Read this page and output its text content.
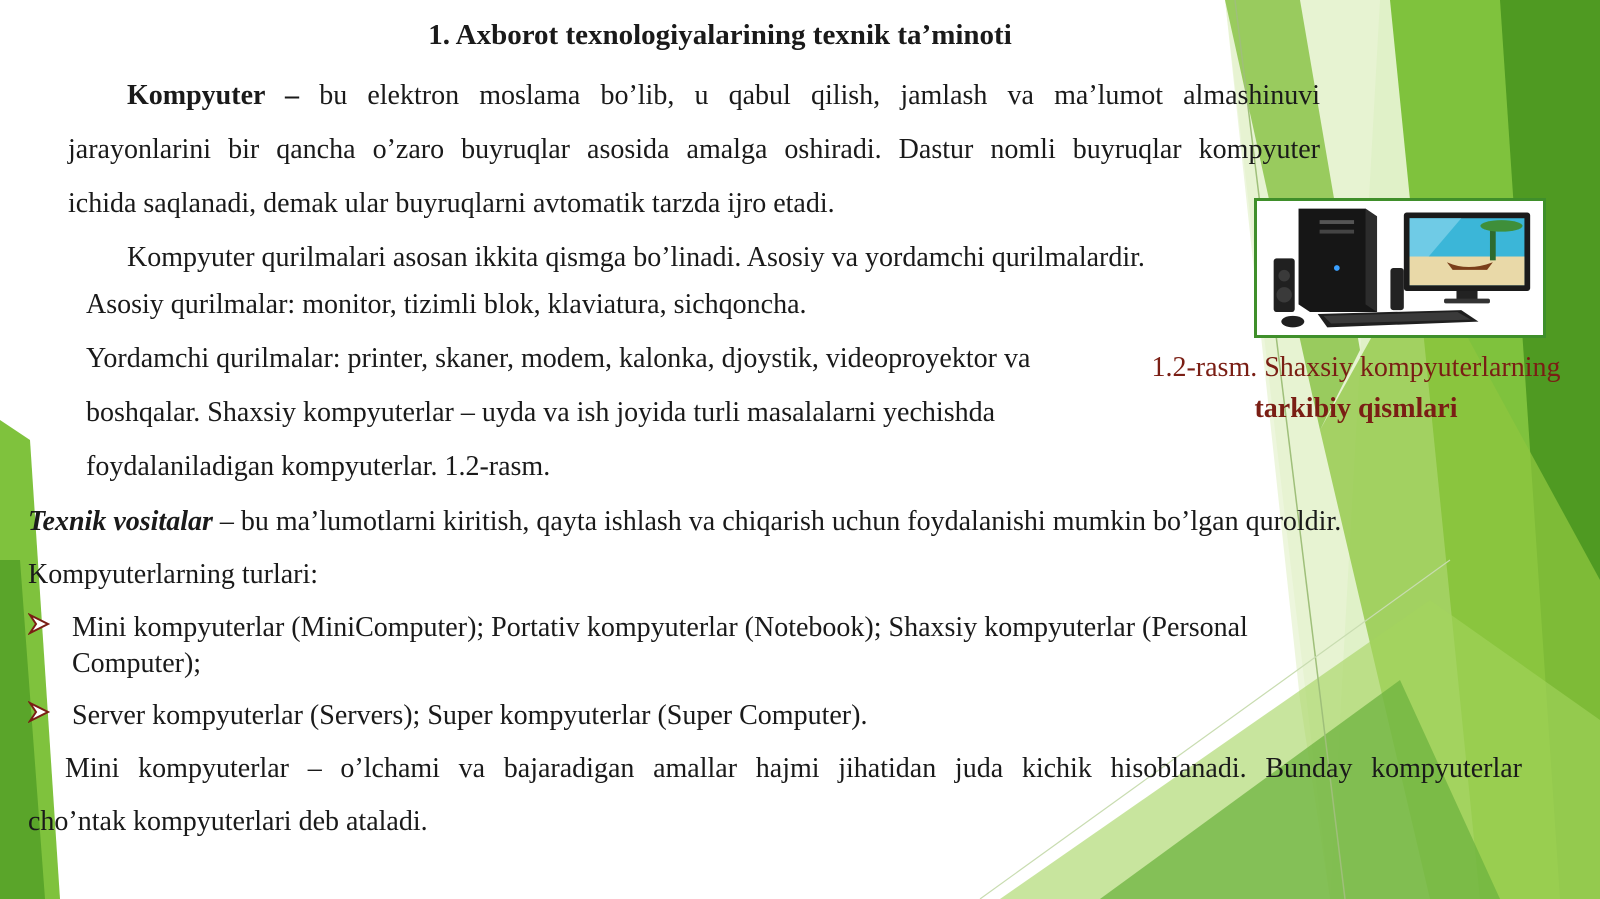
1. Axborot texnologiyalarining texnik ta’minoti
Kompyuter – bu elektron moslama bo’lib, u qabul qilish, jamlash va ma’lumot almashinuvi
jarayonlarini bir qancha o’zaro buyruqlar asosida amalga oshiradi. Dastur nomli buyruqlar kompyuter
ichida saqlanadi, demak ular buyruqlarni avtomatik tarzda ijro etadi.
Kompyuter qurilmalari asosan ikkita qismga bo’linadi. Asosiy va yordamchi qurilmalardir.
Asosiy qurilmalar: monitor, tizimli blok, klaviatura, sichqoncha.
Yordamchi qurilmalar: printer, skaner, modem, kalonka, djoystik, videoproyektor va
boshqalar. Shaxsiy kompyuterlar – uyda va ish joyida turli masalalarni yechishda
foydalaniladigan kompyuterlar. 1.2-rasm.
1.2-rasm. Shaxsiy kompyuterlarning
tarkibiy qismlari
Texnik vositalar – bu ma’lumotlarni kiritish, qayta ishlash va chiqarish uchun foydalanishi mumkin bo’lgan quroldir.
Kompyuterlarning turlari:
Mini kompyuterlar (MiniComputer); Portativ kompyuterlar (Notebook); Shaxsiy kompyuterlar (Personal
Computer);
Server kompyuterlar (Servers); Super kompyuterlar (Super Computer).
Mini kompyuterlar – o’lchami va bajaradigan amallar hajmi jihatidan juda kichik hisoblanadi. Bunday kompyuterlar
cho’ntak kompyuterlari deb ataladi.
